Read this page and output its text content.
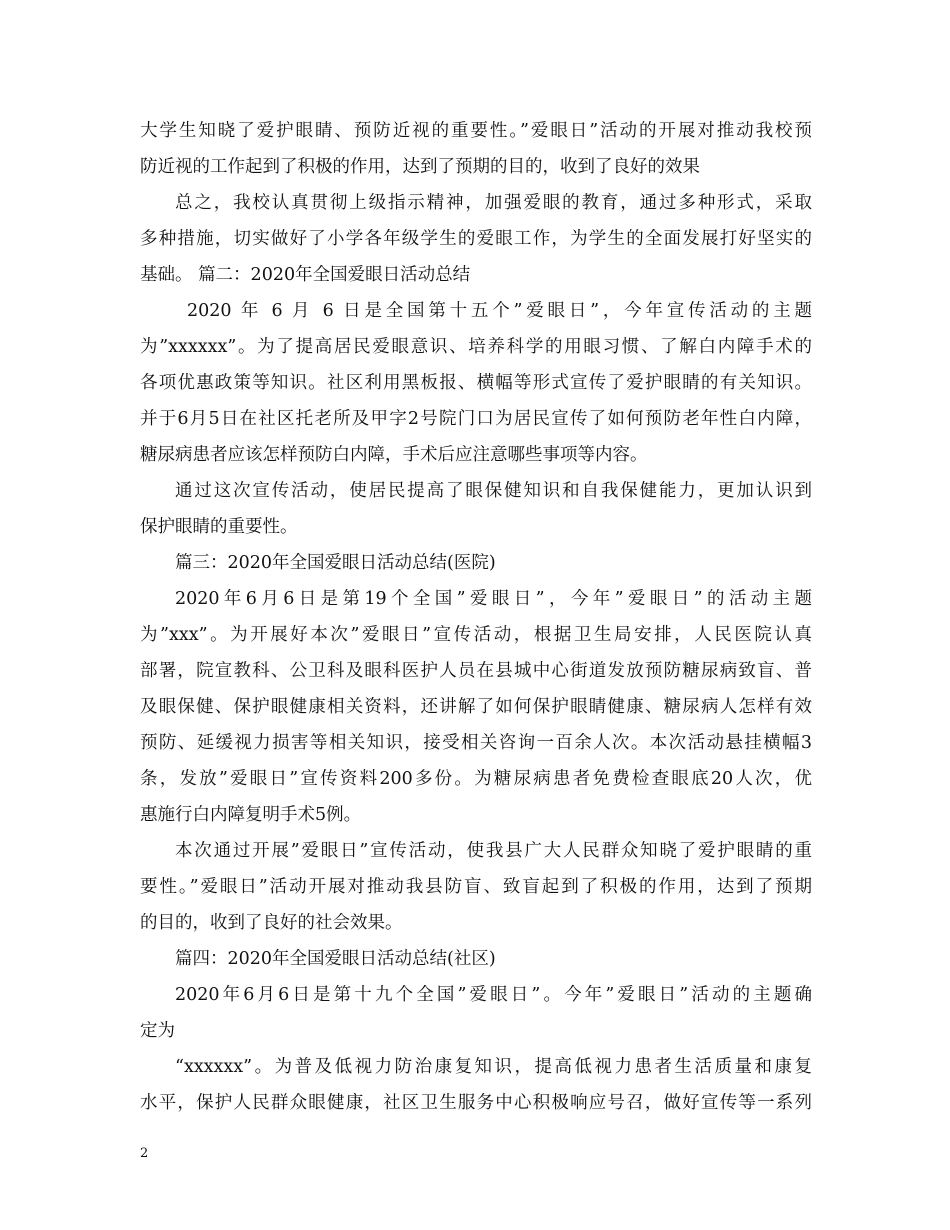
大学生知晓了爱护眼睛、预防近视的重要性。”爱眼日”活动的开展对推动我校预
防近视的工作起到了积极的作用，达到了预期的目的，收到了良好的效果
总之，我校认真贯彻上级指示精神，加强爱眼的教育，通过多种形式，采取
多种措施，切实做好了小学各年级学生的爱眼工作，为学生的全面发展打好坚实的
基础。 篇二：2020年全国爱眼日活动总结
2020 年 6 月 6 日是全国第十五个”爱眼日”，今年宣传活动的主题
为”xxxxxx”。为了提高居民爱眼意识、培养科学的用眼习惯、了解白内障手术的
各项优惠政策等知识。社区利用黑板报、横幅等形式宣传了爱护眼睛的有关知识。
并于6月5日在社区托老所及甲字2号院门口为居民宣传了如何预防老年性白内障，
糖尿病患者应该怎样预防白内障，手术后应注意哪些事项等内容。
通过这次宣传活动，使居民提高了眼保健知识和自我保健能力，更加认识到
保护眼睛的重要性。
篇三：2020年全国爱眼日活动总结(医院)
2020年6月6日是第19个全国”爱眼日”，今年”爱眼日”的活动主题
为”xxx”。为开展好本次”爱眼日”宣传活动，根据卫生局安排，人民医院认真
部署，院宣教科、公卫科及眼科医护人员在县城中心街道发放预防糖尿病致盲、普
及眼保健、保护眼健康相关资料，还讲解了如何保护眼睛健康、糖尿病人怎样有效
预防、延缓视力损害等相关知识，接受相关咨询一百余人次。本次活动悬挂横幅3
条，发放”爱眼日”宣传资料200多份。为糖尿病患者免费检查眼底20人次，优
惠施行白内障复明手术5例。
本次通过开展”爱眼日”宣传活动，使我县广大人民群众知晓了爱护眼睛的重
要性。”爱眼日”活动开展对推动我县防盲、致盲起到了积极的作用，达到了预期
的目的，收到了良好的社会效果。
篇四：2020年全国爱眼日活动总结(社区)
2020年6月6日是第十九个全国”爱眼日”。今年”爱眼日”活动的主题确
定为
“xxxxxx”。为普及低视力防治康复知识，提高低视力患者生活质量和康复
水平，保护人民群众眼健康，社区卫生服务中心积极响应号召，做好宣传等一系列
2
